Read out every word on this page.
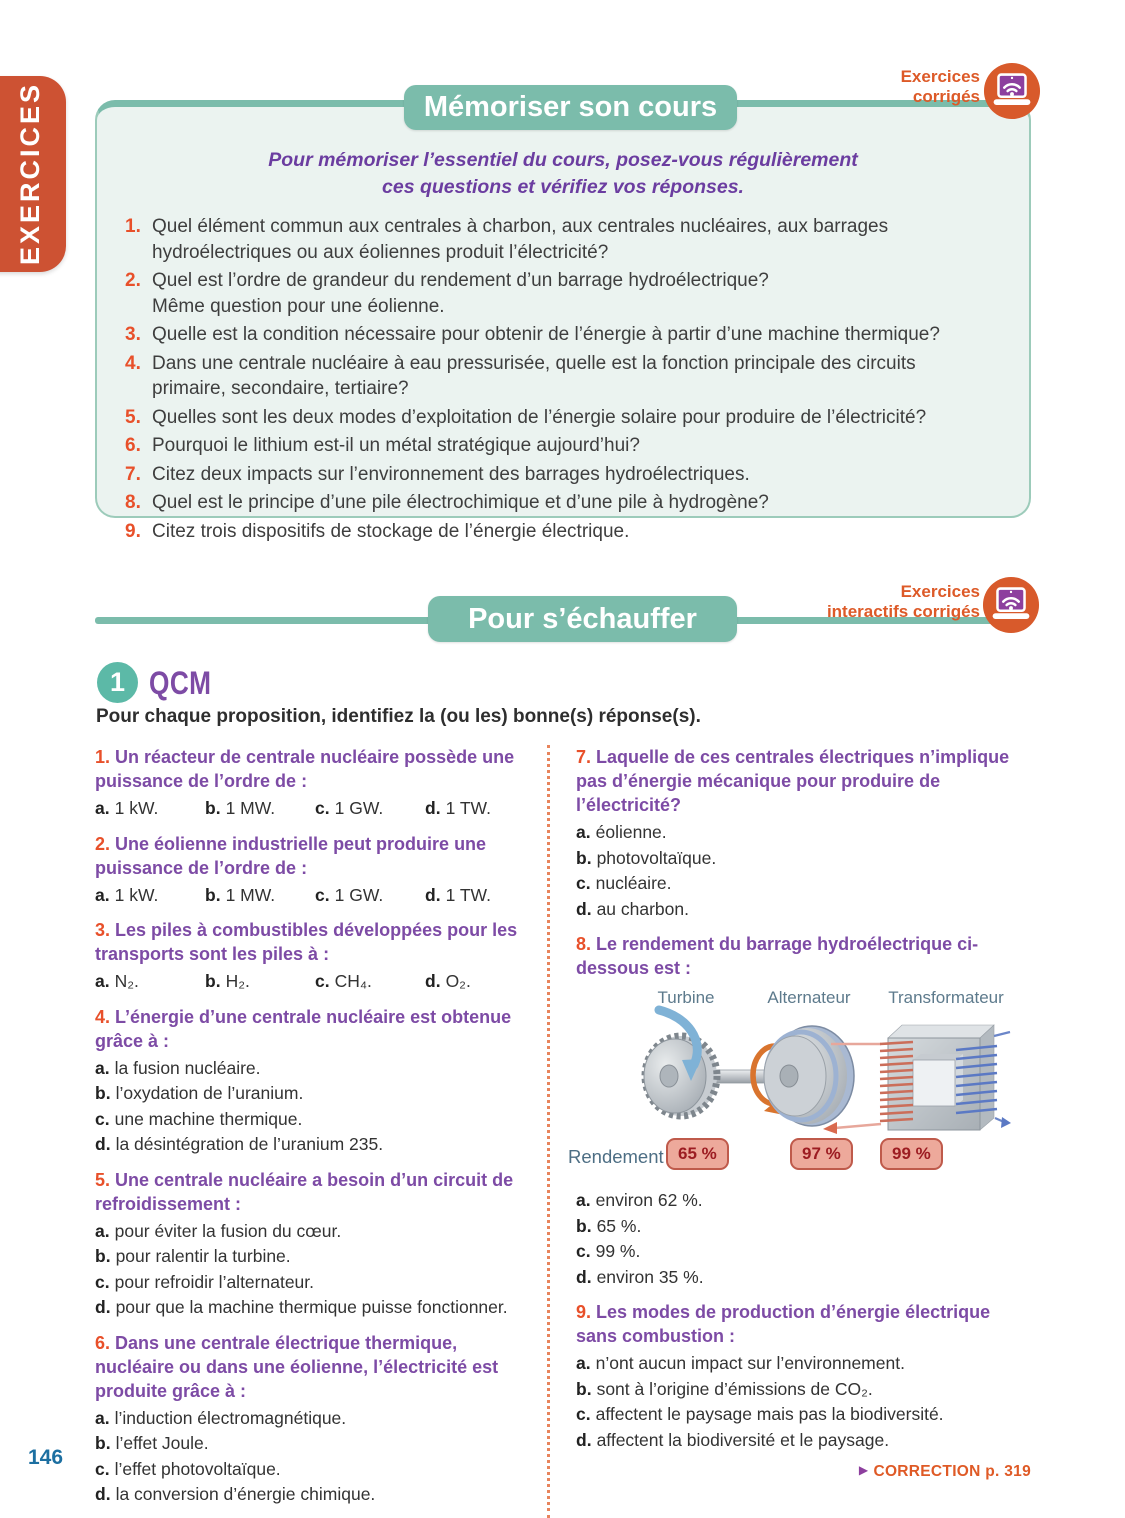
EXERCICES	Mémoriser son cours
Exercices
corrigés

Pour mémoriser l’essentiel du cours, posez-vous régulièrement

ces questions et vérifiez vos réponses.

1. Quel élément commun aux centrales à charbon, aux centrales nucléaires, aux barrages hydroélectriques ou aux éoliennes produit l’électricité?
2. Quel est l’ordre de grandeur du rendement d’un barrage hydroélectrique?
Même question pour une éolienne.
3. Quelle est la condition nécessaire pour obtenir de l’énergie à partir d’une machine thermique?
4. Dans une centrale nucléaire à eau pressurisée, quelle est la fonction principale des circuits primaire, secondaire, tertiaire?
5. Quelles sont les deux modes d’exploitation de l’énergie solaire pour produire de l’électricité?
6. Pourquoi le lithium est-il un métal stratégique aujourd’hui?
7. Citez deux impacts sur l’environnement des barrages hydroélectriques.
8. Quel est le principe d’une pile électrochimique et d’une pile à hydrogène?
9. Citez trois dispositifs de stockage de l’énergie électrique.
Pour s’échauffer
Exercices
interactifs corrigés
1 QCM
Pour chaque proposition, identifiez la (ou les) bonne(s) réponse(s).
1. Un réacteur de centrale nucléaire possède une puissance de l’ordre de :
a. 1 kW.	b. 1 MW.	c. 1 GW.	d. 1 TW.
2. Une éolienne industrielle peut produire une puissance de l’ordre de :
a. 1 kW.	b. 1 MW.	c. 1 GW.	d. 1 TW.
3. Les piles à combustibles développées pour les transports sont les piles à :
a. N₂.	b. H₂.	c. CH₄.	d. O₂.
4. L’énergie d’une centrale nucléaire est obtenue grâce à :
a. la fusion nucléaire.
b. l’oxydation de l’uranium.
c. une machine thermique.
d. la désintégration de l’uranium 235.
5. Une centrale nucléaire a besoin d’un circuit de refroidissement :
a. pour éviter la fusion du cœur.
b. pour ralentir la turbine.
c. pour refroidir l’alternateur.
d. pour que la machine thermique puisse fonctionner.
6. Dans une centrale électrique thermique, nucléaire ou dans une éolienne, l’électricité est produite grâce à :
a. l’induction électromagnétique.
b. l’effet Joule.
c. l’effet photovoltaïque.
d. la conversion d’énergie chimique.
7. Laquelle de ces centrales électriques n’implique pas d’énergie mécanique pour produire de l’électricité?
a. éolienne.
b. photovoltaïque.
c. nucléaire.
d. au charbon.
8. Le rendement du barrage hydroélectrique ci-dessous est :
Turbine	Alternateur Transformateur
Rendement 65 %	97 %	99 %
a. environ 62 %.
b. 65 %.
c. 99 %.
d. environ 35 %.
9. Les modes de production d’énergie électrique sans combustion :
a. n’ont aucun impact sur l’environnement.
b. sont à l’origine d’émissions de CO₂.
c. affectent le paysage mais pas la biodiversité.
d. affectent la biodiversité et le paysage.
▶ CORRECTION p. 319
146
